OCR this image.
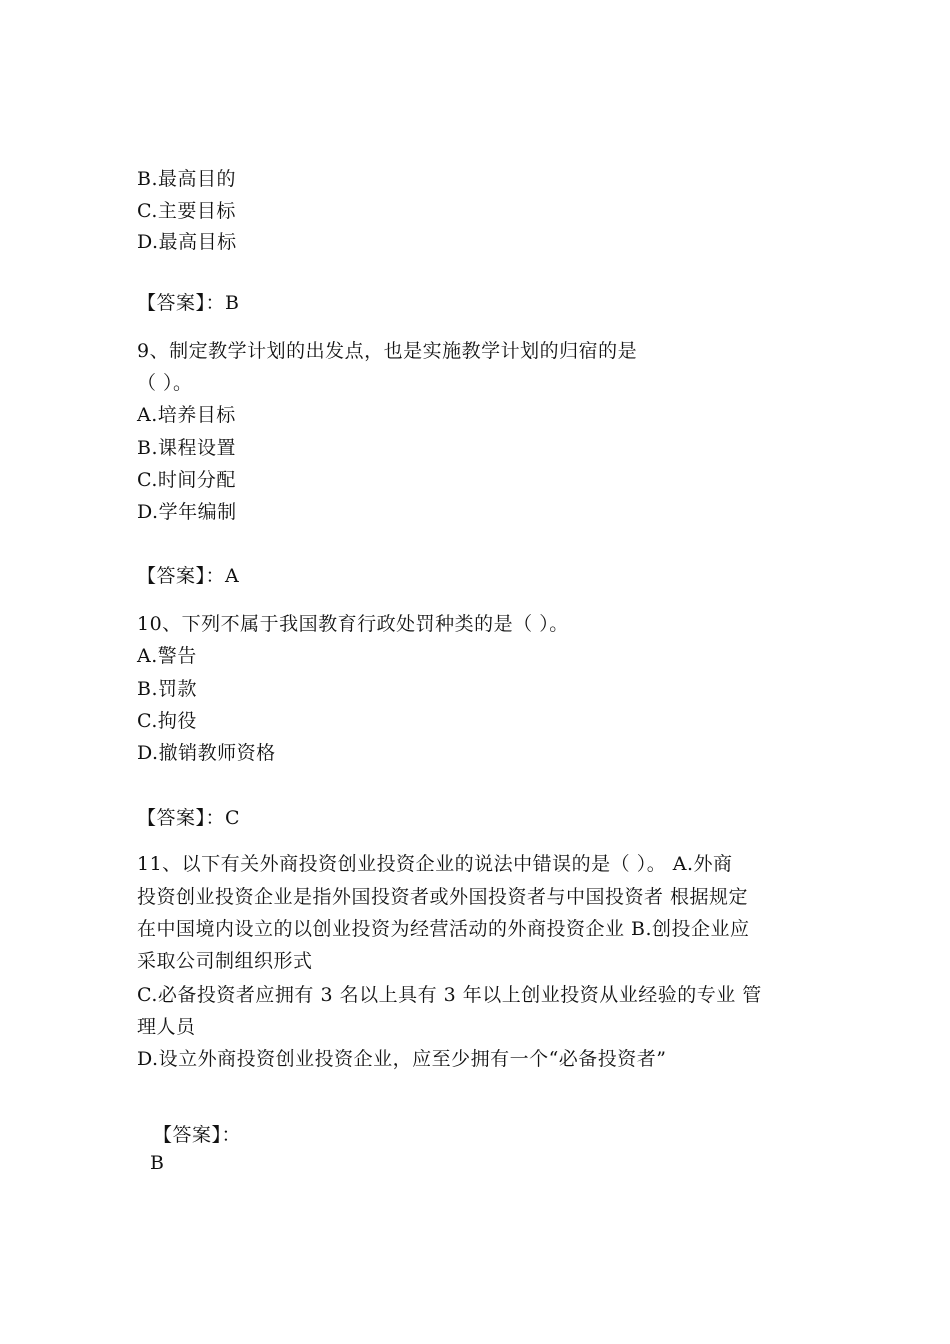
B.最高目的
C.主要目标
D.最高目标
【答案】：B
9、制定教学计划的出发点，也是实施教学计划的归宿的是
（ ）。
A.培养目标
B.课程设置
C.时间分配
D.学年编制
【答案】：A
10、下列不属于我国教育行政处罚种类的是（ ）。
A.警告
B.罚款
C.拘役
D.撤销教师资格
【答案】：C
11、以下有关外商投资创业投资企业的说法中错误的是（ ）。 A.外商
投资创业投资企业是指外国投资者或外国投资者与中国投资者 根据规定
在中国境内设立的以创业投资为经营活动的外商投资企业 B.创投企业应
采取公司制组织形式
C.必备投资者应拥有 3 名以上具有 3 年以上创业投资从业经验的专业 管
理人员
D.设立外商投资创业投资企业，应至少拥有一个“必备投资者”
【答案】：
B
